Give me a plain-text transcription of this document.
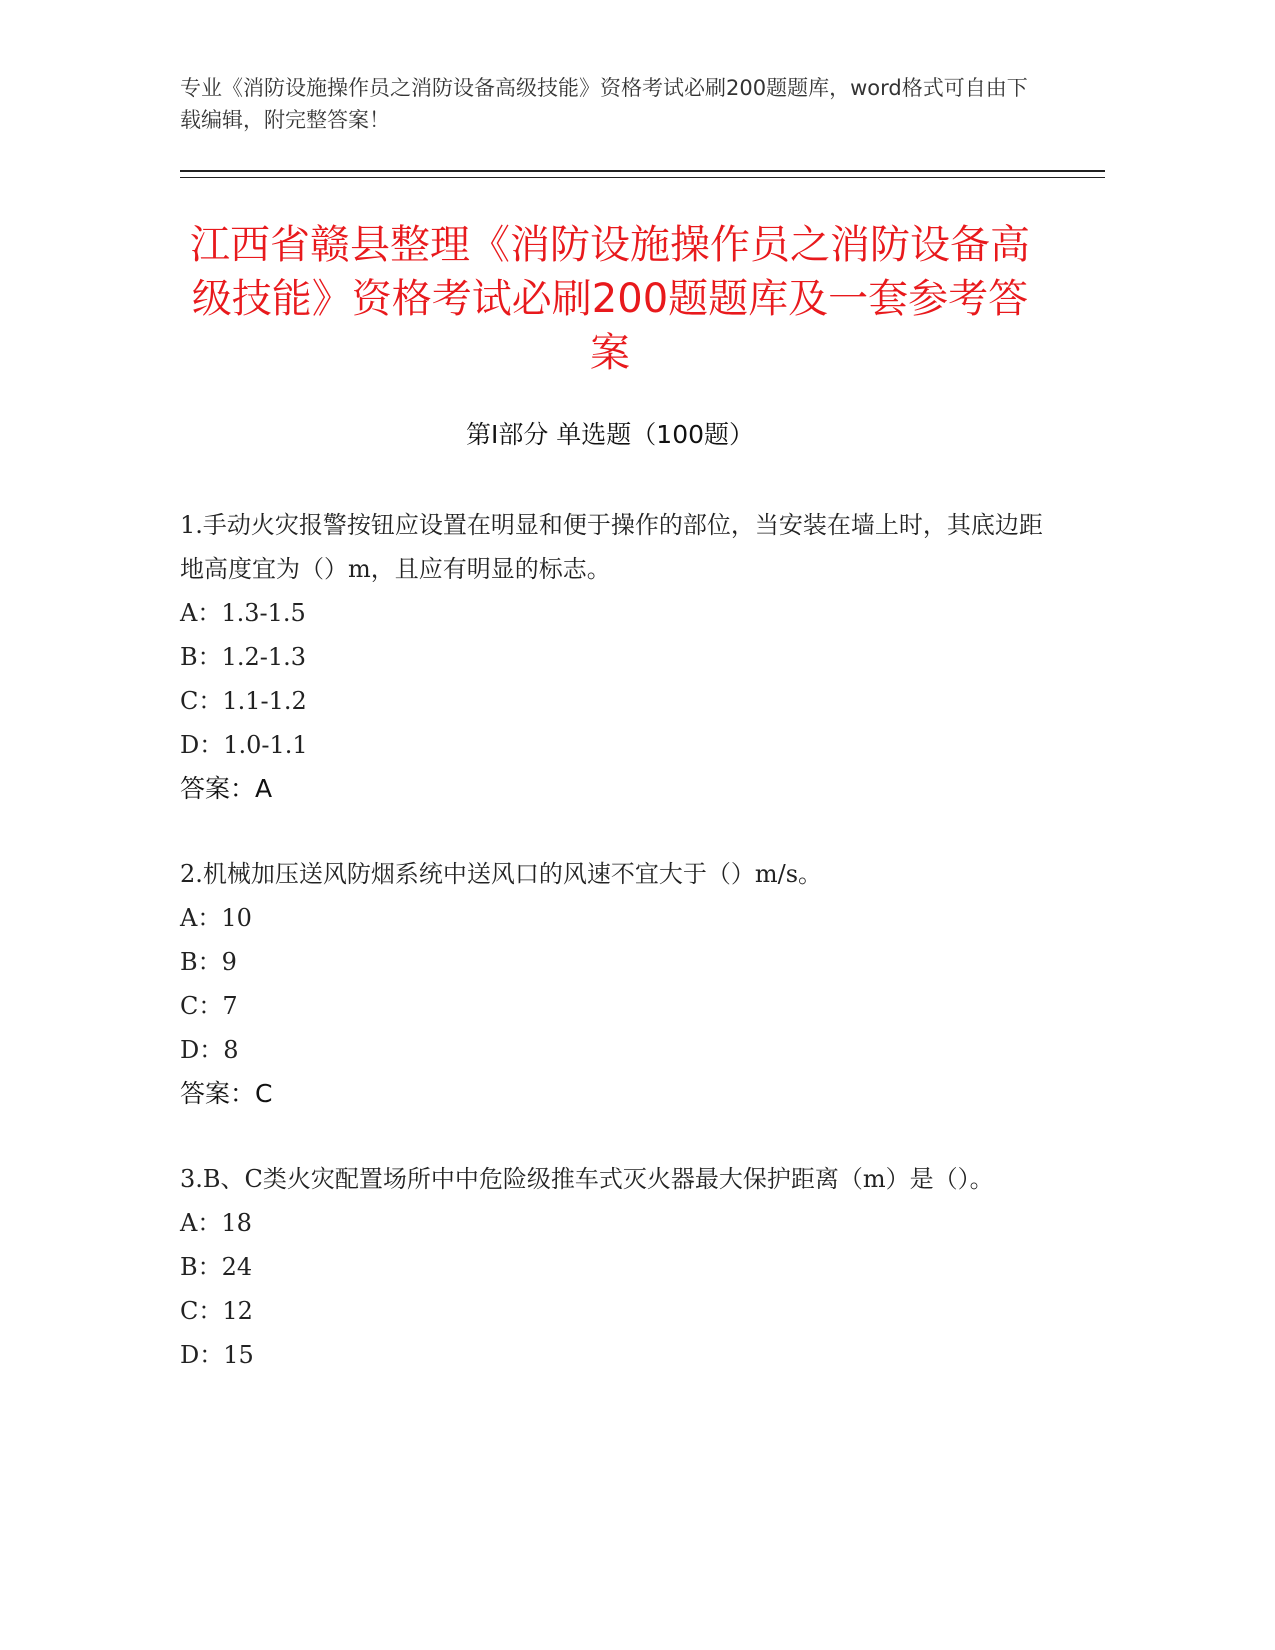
专业《消防设施操作员之消防设备高级技能》资格考试必刷200题题库，word格式可自由下载编辑，附完整答案！

江西省赣县整理《消防设施操作员之消防设备高级技能》资格考试必刷200题题库及一套参考答案
第Ⅰ部分 单选题（100题）

1.手动火灾报警按钮应设置在明显和便于操作的部位，当安装在墙上时，其底边距地高度宜为（）m，且应有明显的标志。

A：1.3-1.5

B：1.2-1.3

C：1.1-1.2

D：1.0-1.1

答案：A

2.机械加压送风防烟系统中送风口的风速不宜大于（）m/s。

A：10

B：9

C：7

D：8

答案：C

3.B、C类火灾配置场所中中危险级推车式灭火器最大保护距离（m）是（）。

A：18

B：24

C：12

D：15
